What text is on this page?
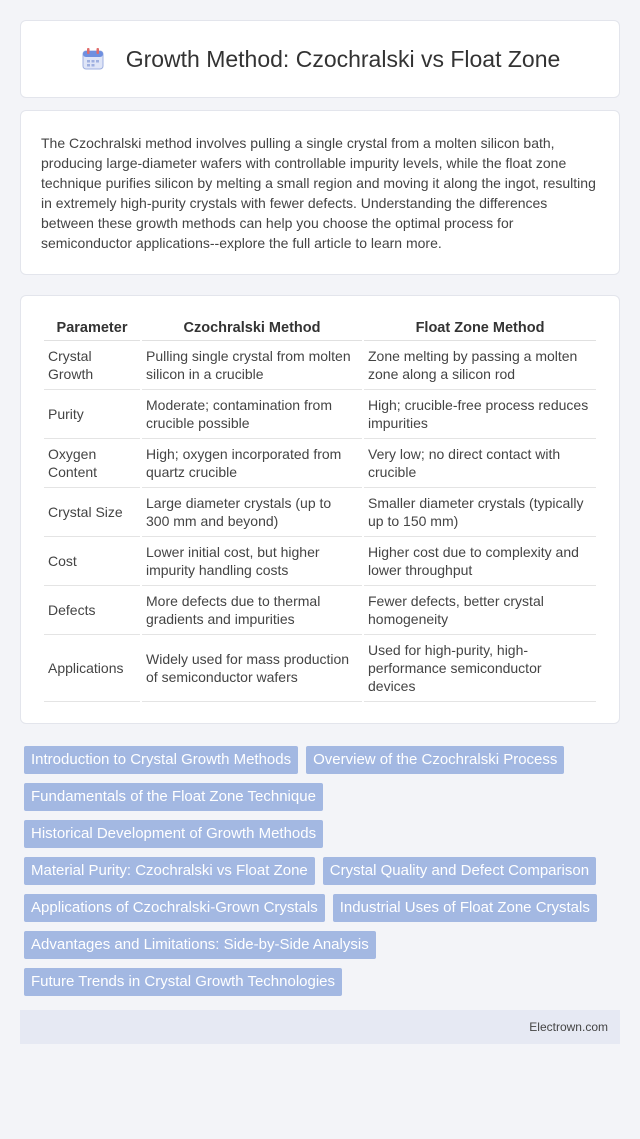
Growth Method: Czochralski vs Float Zone
The Czochralski method involves pulling a single crystal from a molten silicon bath, producing large-diameter wafers with controllable impurity levels, while the float zone technique purifies silicon by melting a small region and moving it along the ingot, resulting in extremely high-purity crystals with fewer defects. Understanding the differences between these growth methods can help you choose the optimal process for semiconductor applications--explore the full article to learn more.
Parameter	Czochralski Method	Float Zone Method
Crystal Growth	Pulling single crystal from molten silicon in a crucible	Zone melting by passing a molten zone along a silicon rod
Purity	Moderate; contamination from crucible possible	High; crucible-free process reduces impurities
Oxygen Content	High; oxygen incorporated from quartz crucible	Very low; no direct contact with crucible
Crystal Size	Large diameter crystals (up to 300 mm and beyond)	Smaller diameter crystals (typically up to 150 mm)
Cost	Lower initial cost, but higher impurity handling costs	Higher cost due to complexity and lower throughput
Defects	More defects due to thermal gradients and impurities	Fewer defects, better crystal homogeneity
Applications	Widely used for mass production of semiconductor wafers	Used for high-purity, high-performance semiconductor devices
Introduction to Crystal Growth Methods	Overview of the Czochralski Process
Fundamentals of the Float Zone Technique
Historical Development of Growth Methods
Material Purity: Czochralski vs Float Zone	Crystal Quality and Defect Comparison
Applications of Czochralski-Grown Crystals	Industrial Uses of Float Zone Crystals
Advantages and Limitations: Side-by-Side Analysis
Future Trends in Crystal Growth Technologies
Electrown.com
